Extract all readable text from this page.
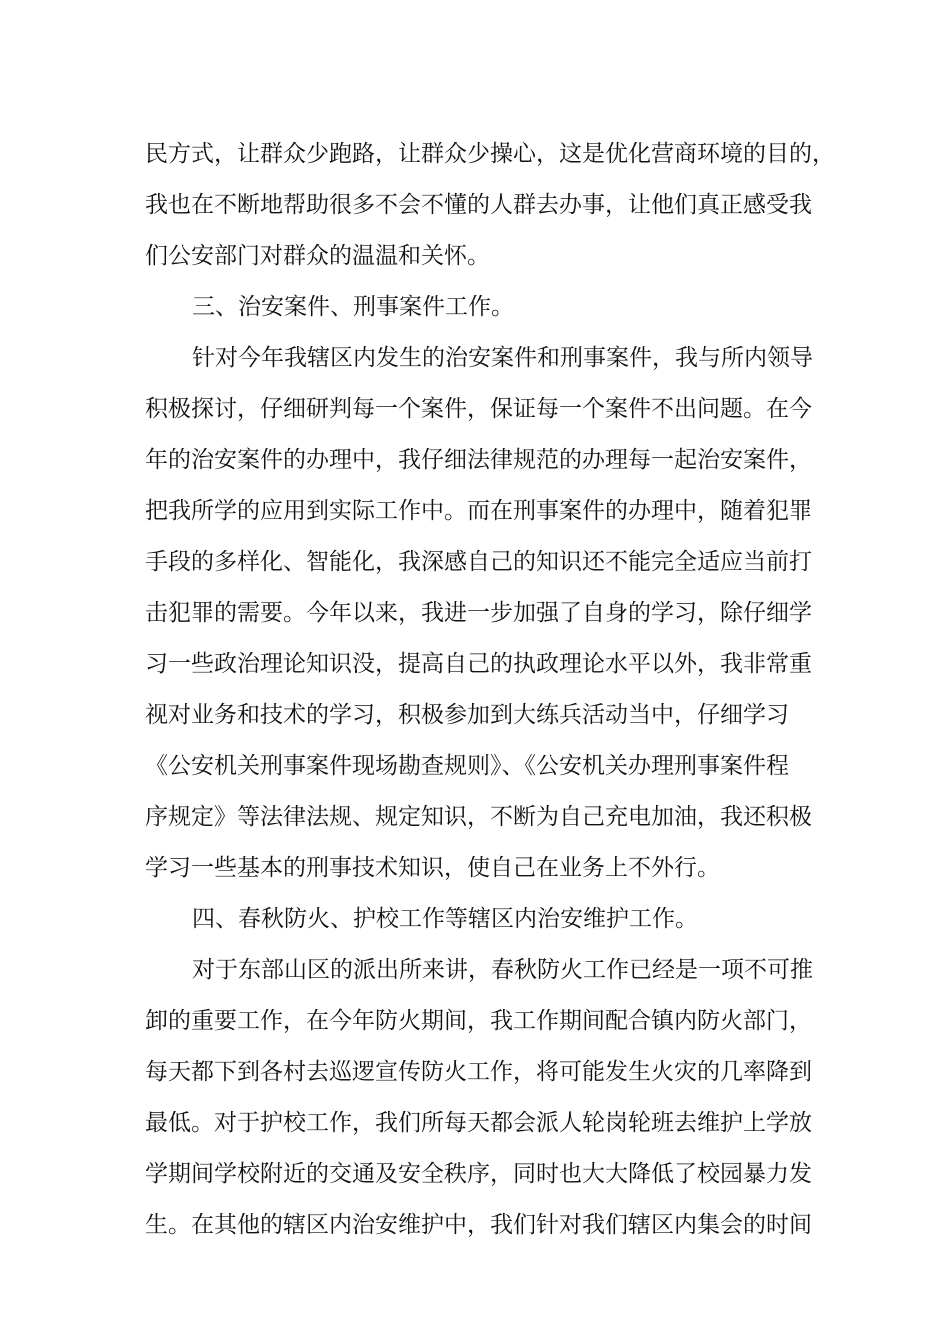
民方式，让群众少跑路，让群众少操心，这是优化营商环境的目的，
我也在不断地帮助很多不会不懂的人群去办事，让他们真正感受我
们公安部门对群众的温温和关怀。
三、治安案件、刑事案件工作。
针对今年我辖区内发生的治安案件和刑事案件，我与所内领导
积极探讨，仔细研判每一个案件，保证每一个案件不出问题。在今
年的治安案件的办理中，我仔细法律规范的办理每一起治安案件，
把我所学的应用到实际工作中。而在刑事案件的办理中，随着犯罪
手段的多样化、智能化，我深感自己的知识还不能完全适应当前打
击犯罪的需要。今年以来，我进一步加强了自身的学习，除仔细学
习一些政治理论知识没，提高自己的执政理论水平以外，我非常重
视对业务和技术的学习，积极参加到大练兵活动当中，仔细学习
《公安机关刑事案件现场勘查规则》、《公安机关办理刑事案件程
序规定》等法律法规、规定知识，不断为自己充电加油，我还积极
学习一些基本的刑事技术知识，使自己在业务上不外行。
四、春秋防火、护校工作等辖区内治安维护工作。
对于东部山区的派出所来讲，春秋防火工作已经是一项不可推
卸的重要工作，在今年防火期间，我工作期间配合镇内防火部门，
每天都下到各村去巡逻宣传防火工作，将可能发生火灾的几率降到
最低。对于护校工作，我们所每天都会派人轮岗轮班去维护上学放
学期间学校附近的交通及安全秩序，同时也大大降低了校园暴力发
生。在其他的辖区内治安维护中，我们针对我们辖区内集会的时间
